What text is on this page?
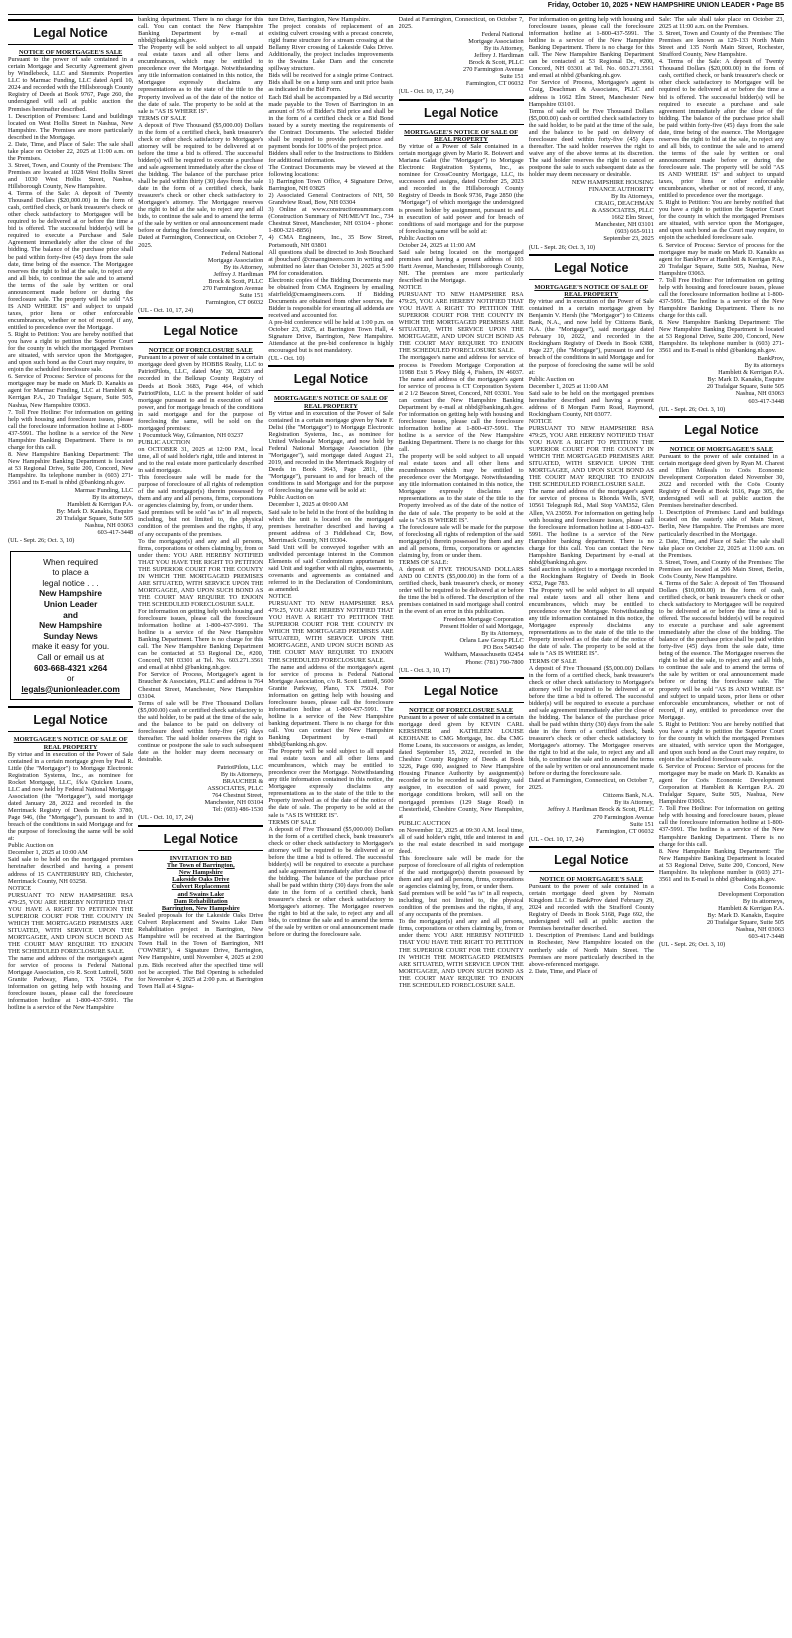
Friday, October 10, 2025 • NEW HAMPSHIRE UNION LEADER • Page B5
Legal Notice
NOTICE OF MORTGAGEE'S SALE
Pursuant to the power of sale contained in a certain Mortgage and Security Agreement given by Windlebeck, LLC and Stemmix Properties LLC to Marmac Funding, LLC dated April 10, 2024 and recorded with the Hillsborough County Registry of Deeds at Book 9767, Page 260, the undersigned will sell at public auction the Premises hereinafter described.
1. Description of Premises: Land and buildings located on West Hollis Street in Nashua, New Hampshire. The Premises are more particularly described in the Mortgage.
2. Date, Time, and Place of Sale: The sale shall take place on October 22, 2025 at 11:00 a.m. on the Premises.
3. Street, Town, and County of the Premises: The Premises are located at 1028 West Hollis Street and 1030 West Hollis Street, Nashua, Hillsborough County, New Hampshire.
4. Terms of the Sale: A deposit of Twenty Thousand Dollars ($20,000.00) in the form of cash, certified check, or bank treasurer's check or other check satisfactory to Mortgagee will be required to be delivered at or before the time a bid is offered. The successful bidder(s) will be required to execute a Purchase and Sale Agreement immediately after the close of the bidding. The balance of the purchase price shall be paid within forty-five (45) days from the sale date, time being of the essence. The Mortgagee reserves the right to bid at the sale, to reject any and all bids, to continue the sale and to amend the terms of the sale by written or oral announcement made before or during the foreclosure sale. The property will be sold "AS IS AND WHERE IS" and subject to unpaid taxes, prior liens or other enforceable encumbrances, whether or not of record, if any, entitled to precedence over the Mortgage.
5. Right to Petition: You are hereby notified that you have a right to petition the Superior Court for the county in which the mortgaged Premises are situated, with service upon the Mortgagee, and upon such bond as the Court may require, to enjoin the scheduled foreclosure sale.
6. Service of Process: Service of process for the mortgagee may be made on Mark D. Kanakis as agent for Marmac Funding, LLC at Hamblett & Kerrigan P.A., 20 Trafalgar Square, Suite 505, Nashua, New Hampshire 03063.
7. Toll Free Hotline: For information on getting help with housing and foreclosure issues, please call the foreclosure information hotline at 1-800-437-5991. The hotline is a service of the New Hampshire Banking Department. There is no charge for this call.
8. New Hampshire Banking Department: The New Hampshire Banking Department is located at 53 Regional Drive, Suite 200, Concord, New Hampshire. Its telephone number is (603) 271-3561 and its E-mail is nhbd @banking.nh.gov.
Marmac Funding, LLC
By its attorneys,
Hamblett & Kerrigan P.A.
By: Mark D. Kanakis, Esquire
20 Trafalgar Square, Suite 505
Nashua, NH 03063
603-417-3448
(UL - Sept. 26; Oct. 3, 10)
When required
to place a
legal notice . . .
New Hampshire
Union Leader
and
New Hampshire
Sunday News
make it easy for you.
Call or email us at
603-668-4321 x264
or
legals@unionleader.com
Legal Notice
MORTGAGEE'S NOTICE OF SALE OF REAL PROPERTY
By virtue and in execution of the Power of Sale contained in a certain mortgage given by Paul R. Little (the "Mortgagor") to Mortgage Electronic Registration Systems, Inc., as nominee for Rocket Mortgage, LLC, f/k/a Quicken Loans, LLC and now held by Federal National Mortgage Association (the "Mortgagee"), said mortgage dated January 28, 2022 and recorded in the Merrimack Registry of Deeds in Book 3780, Page 946, (the "Mortgage"), pursuant to and in breach of the conditions in said Mortgage and for the purpose of foreclosing the same will be sold at:
Public Auction on
December 1, 2025 at 10:00 AM
Said sale to be held on the mortgaged premises hereinafter described and having a present address of 15 CANTERBURY RD, Chichester, Merrimack County, NH 03258.
NOTICE
PURSUANT TO NEW HAMPSHIRE RSA 479:25, YOU ARE HEREBY NOTIFIED THAT YOU HAVE A RIGHT TO PETITION THE SUPERIOR COURT FOR THE COUNTY IN WHICH THE MORTGAGED PREMISES ARE SITUATED, WITH SERVICE UPON THE MORTGAGEE, AND UPON SUCH BOND AS THE COURT MAY REQUIRE TO ENJOIN THE SCHEDULED FORECLOSURE SALE.
The name and address of the mortgagee's agent for service of process is Federal National Mortgage Association, c/o R. Scott Luttrell, 5600 Granite Parkway, Plano, TX 75024. For information on getting help with housing and foreclosure issues, please call the foreclosure information hotline at 1-800-437-5991. The hotline is a service of the New Hampshire
banking department. There is no charge for this call. You can contact the New Hampshire Banking Department by e-mail at nhbd@banking.nh.gov.
The Property will be sold subject to all unpaid real estate taxes and all other liens and encumbrances, which may be entitled to precedence over the Mortgage. Notwithstanding any title information contained in this notice, the Mortgagee expressly disclaims any representations as to the state of the title to the Property involved as of the date of the notice of the date of sale. The property to be sold at the sale is "AS IS WHERE IS".
TERMS OF SALE
A deposit of Five Thousand ($5,000.00) Dollars in the form of a certified check, bank treasurer's check or other check satisfactory to Mortgagee's attorney will be required to be delivered at or before the time a bid is offered. The successful bidder(s) will be required to execute a purchase and sale agreement immediately after the close of the bidding. The balance of the purchase price shall be paid within thirty (30) days from the sale date in the form of a certified check, bank treasurer's check or other check satisfactory to Mortgagee's attorney. The Mortgagee reserves the right to bid at the sale, to reject any and all bids, to continue the sale and to amend the terms of the sale by written or oral announcement made before or during the foreclosure sale.
Dated at Farmington, Connecticut, on October 7, 2025.
Federal National
Mortgage Association
By its Attorney,
Jeffrey J. Hardiman
Brock & Scott, PLLC
270 Farmington Avenue
Suite 151
Farmington, CT 06032
(UL - Oct. 10, 17, 24)
Legal Notice
NOTICE OF FORECLOSURE SALE
Pursuant to a power of sale contained in a certain mortgage deed given by HOBBS Realty, LLC to PatriotPilots, LLC, dated May 30, 2023 and recorded in the Belknap County Registry of Deeds at Book 3683, Page 464, of which PatriotPilots, LLC is the present holder of said mortgage pursuant to and in execution of said power, and for mortgage breach of the conditions in said mortgage and for the purpose of foreclosing the same, will be sold on the mortgaged premises:
1 Pocumtuck Way, Gilmanton, NH 03237
PUBLIC AUCTION
on OCTOBER 31, 2025 at 12:00 P.M., local time, all of said holder's right, title and interest in and to the real estate more particularly described in said mortgage.
This foreclosure sale will be made for the purpose of foreclosure of all rights of redemption of the said mortgagor(s) therein possessed by them and any and all persons, firms, corporations or agencies claiming by, from, or under them.
Said premises will be sold "as is" in all respects, including, but not limited to, the physical condition of the premises and the rights, if any, of any occupants of the premises.
To the mortgagor(s) and any and all persons, firms, corporations or others claiming by, from or under them: YOU ARE HEREBY NOTIFIED THAT YOU HAVE THE RIGHT TO PETITION THE SUPERIOR COURT FOR THE COUNTY IN WHICH THE MORTGAGED PREMISES ARE SITUATED, WITH SERVICE UPON THE MORTGAGEE, AND UPON SUCH BOND AS THE COURT MAY REQUIRE TO ENJOIN THE SCHEDULED FORECLOSURE SALE.
For information on getting help with housing and foreclosure issues, please call the foreclosure information hotline at 1-800-437-5991. The hotline is a service of the New Hampshire Banking Department. There is no charge for this call. The New Hampshire Banking Department can be contacted at 53 Regional Dr., #200, Concord, NH 03301 at Tel. No. 603.271.3561 and email at nhbd @banking.nh.gov.
For Service of Process, Mortgagee's agent is Braucher & Associates, PLLC and address is 764 Chestnut Street, Manchester, New Hampshire 03104.
Terms of sale will be Five Thousand Dollars ($5,000.00) cash or certified check satisfactory to the said holder, to be paid at the time of the sale, and the balance to be paid on delivery of foreclosure deed within forty-five (45) days thereafter. The said holder reserves the right to continue or postpone the sale to such subsequent date as the holder may deem necessary or desirable.
PatriotPilots, LLC
By its Attorneys,
BRAUCHER &
ASSOCIATES, PLLC
764 Chestnut Street,
Manchester, NH 03104
Tel: (603) 486-1530
(UL - Oct. 10, 17, 24)
Legal Notice
INVITATION TO BID
The Town of Barrington,
New Hampshire
Lakeside Oaks Drive
Culvert Replacement
and Swains Lake
Dam Rehabilitation
Barrington, New Hampshire
Sealed proposals for the Lakeside Oaks Drive Culvert Replacement and Swains Lake Dam Rehabilitation project in Barrington, New Hampshire will be received at the Barrington Town Hall in the Town of Barrington, NH ("OWNER"), 4 Signature Drive, Barrington, New Hampshire, until November 4, 2025 at 2:00 p.m. Bids received after the specified time will not be accepted. The Bid Opening is scheduled for November 4, 2025 at 2:00 p.m. at Barrington Town Hall at 4 Signa-
ture Drive, Barrington, New Hampshire.
The project consists of replacement of an existing culvert crossing with a precast concrete, rigid frame structure for a stream crossing at the Bellamy River crossing of Lakeside Oaks Drive. Additionally, the project includes improvements to the Swains Lake Dam and the concrete spillway structure.
Bids will be received for a single prime Contract. Bids shall be on a lump sum and unit price basis as indicated in the Bid Form.
Each Bid shall be accompanied by a Bid security made payable to the Town of Barrington in an amount of 5% of Bidder's Bid price and shall be in the form of a certified check or a Bid Bond issued by a surety meeting the requirements of the Contract Documents. The selected Bidder shall be required to provide performance and payment bonds for 100% of the project price.
Bidders shall refer to the Instructions to Bidders for additional information.
The Contract Documents may be viewed at the following locations:
1) Barrington Town Office, 4 Signature Drive, Barrington, NH 03825
2) Associated General Contractors of NH, 50 Grandview Road, Bow, NH 03304
3) Online at www.constructionsummary.com (Construction Summary of NH/ME/VT Inc., 734 Chestnut Street, Manchester, NH 03104 - phone: 1-800-321-8856)
4) CMA Engineers, Inc., 35 Bow Street, Portsmouth, NH 03801
All questions shall be directed to Josh Bouchard at jbouchard @cmaengineers.com in writing and submitted no later than October 31, 2025 at 5:00 PM for consideration.
Electronic copies of the Bidding Documents may be obtained from CMA Engineers by emailing sfairfield@cmaengineers.com. If Bidding Documents are obtained from other sources, the Bidder is responsible for ensuring all addenda are received and accounted for.
A pre-bid conference will be held at 1:00 p.m. on October 23, 2025, at Barrington Town Hall, 4 Signature Drive, Barrington, New Hampshire. Attendance at the pre-bid conference is highly encouraged but is not mandatory.
(UL - Oct. 10)
Legal Notice
MORTGAGEE'S NOTICE OF SALE OF REAL PROPERTY
By virtue and in execution of the Power of Sale contained in a certain mortgage given by Nate F. Delisi (the "Mortgagor") to Mortgage Electronic Registration Systems, Inc., as nominee for United Wholesale Mortgage, and now held by Federal National Mortgage Association (the "Mortgagee"), said mortgage dated August 21, 2019, and recorded in the Merrimack Registry of Deeds in Book 3643, Page 2811, (the "Mortgage"), pursuant to and for breach of the conditions in said Mortgage and for the purpose of foreclosing the same will be sold at:
Public Auction on
December 1, 2025 at 09:00 AM
Said sale to be held in the front of the building in which the unit is located on the mortgaged premises hereinafter described and having a present address of 3 Fiddlehead Cir, Bow, Merrimack County, NH 03304.
Said Unit will be conveyed together with an undivided percentage interest in the Common Elements of said Condominium appurtenant to said Unit and together with all rights, easements, covenants and agreements as contained and referred to in the Declaration of Condominium, as amended.
NOTICE
PURSUANT TO NEW HAMPSHIRE RSA 479:25, YOU ARE HEREBY NOTIFIED THAT YOU HAVE A RIGHT TO PETITION THE SUPERIOR COURT FOR THE COUNTY IN WHICH THE MORTGAGED PREMISES ARE SITUATED, WITH SERVICE UPON THE MORTGAGEE, AND UPON SUCH BOND AS THE COURT MAY REQUIRE TO ENJOIN THE SCHEDULED FORECLOSURE SALE.
The name and address of the mortgagee's agent for service of process is Federal National Mortgage Association, c/o R. Scott Luttrell, 5600 Granite Parkway, Plano, TX 75024. For information on getting help with housing and foreclosure issues, please call the foreclosure information hotline at 1-800-437-5991. The hotline is a service of the New Hampshire banking department. There is no charge for this call. You can contact the New Hampshire Banking Department by e-mail at nhbd@banking.nh.gov.
The Property will be sold subject to all unpaid real estate taxes and all other liens and encumbrances, which may be entitled to precedence over the Mortgage. Notwithstanding any title information contained in this notice, the Mortgagee expressly disclaims any representations as to the state of the title to the Property involved as of the date of the notice of the date of sale. The property to be sold at the sale is "AS IS WHERE IS".
TERMS OF SALE
A deposit of Five Thousand ($5,000.00) Dollars in the form of a certified check, bank treasurer's check or other check satisfactory to Mortgagee's attorney will be required to be delivered at or before the time a bid is offered. The successful bidder(s) will be required to execute a purchase and sale agreement immediately after the close of the bidding. The balance of the purchase price shall be paid within thirty (30) days from the sale date in the form of a certified check, bank treasurer's check or other check satisfactory to Mortgagee's attorney. The Mortgagee reserves the right to bid at the sale, to reject any and all bids, to continue the sale and to amend the terms of the sale by written or oral announcement made before or during the foreclosure sale.
Dated at Farmington, Connecticut, on October 7, 2025.
Federal National
Mortgage Association
By its Attorney,
Jeffrey J. Hardiman
Brock & Scott, PLLC
270 Farmington Avenue
Suite 151
Farmington, CT 06032
(UL - Oct. 10, 17, 24)
Legal Notice
MORTGAGEE'S NOTICE OF SALE OF REAL PROPERTY
By virtue of a Power of Sale contained in a certain mortgage given by Mario R. Boisvert and Mariana Galat (the "Mortgagor") to Mortgage Electronic Registration Systems, Inc., as nominee for CrossCountry Mortgage, LLC, its successors and assigns, dated October 25, 2023 and recorded in the Hillsborough County Registry of Deeds in Book 9736, Page 2850 (the "Mortgage") of which mortgage the undersigned is present holder by assignment, pursuant to and in execution of said power and for breach of conditions of said mortgage and for the purpose of foreclosing same will be sold at:
Public Auction on
October 24, 2025 at 11:00 AM
Said sale being located on the mortgaged premises and having a present address of 103 Hartt Avenue, Manchester, Hillsborough County, NH. The premises are more particularly described in the Mortgage.
NOTICE
PURSUANT TO NEW HAMPSHIRE RSA 479:25, YOU ARE HEREBY NOTIFIED THAT YOU HAVE A RIGHT TO PETITION THE SUPERIOR COURT FOR THE COUNTY IN WHICH THE MORTGAGED PREMISES ARE SITUATED, WITH SERVICE UPON THE MORTGAGEE, AND UPON SUCH BOND AS THE COURT MAY REQUIRE TO ENJOIN THE SCHEDULED FORECLOSURE SALE.
The mortgagee's name and address for service of process is Freedom Mortgage Corporation at 11988 Exit 5 Pkwy Bldg 4, Fishers, IN 46037. The name and address of the mortgagee's agent for service of process is CT Corporation System at 2 1/2 Beacon Street, Concord, NH 03301. You can contact the New Hampshire Banking Department by e-mail at nhbd@banking.nh.gov. For information on getting help with housing and foreclosure issues, please call the foreclosure information hotline at 1-800-437-5991. The hotline is a service of the New Hampshire Banking Department. There is no charge for this call.
The property will be sold subject to all unpaid real estate taxes and all other liens and encumbrances which may be entitled to precedence over the Mortgage. Notwithstanding any title information contained in this notice, the Mortgagee expressly disclaims any representations as to the state of the title to the Property involved as of the date of the notice of the date of sale. The property to be sold at the sale is "AS IS WHERE IS".
The foreclosure sale will be made for the purpose of foreclosing all rights of redemption of the said mortgagor(s) therein possessed by them and any and all persons, firms, corporations or agencies claiming by, from or under them.
TERMS OF SALE:
A deposit of FIVE THOUSAND DOLLARS AND 00 CENTS ($5,000.00) in the form of a certified check, bank treasurer's check, or money order will be required to be delivered at or before the time the bid is offered. The description of the premises contained in said mortgage shall control in the event of an error in this publication.
Freedom Mortgage Corporation
Present Holder of said Mortgage,
By its Attorneys,
Orlans Law Group PLLC
PO Box 540540
Waltham, Massachusetts 02454
Phone: (781) 790-7800
(UL - Oct. 3, 10, 17)
Legal Notice
NOTICE OF FORECLOSURE SALE
Pursuant to a power of sale contained in a certain mortgage deed given by KEVIN CARL KERSHNER and KATHLEEN LOUISE KEOHANE to CMG Mortgage, Inc. dba CMG Home Loans, its successors or assigns, as lender, dated September 15, 2022, recorded in the Cheshire County Registry of Deeds at Book 3226, Page 690, assigned to New Hampshire Housing Finance Authority by assignment(s) recorded or to be recorded in said Registry, said assignee, in execution of said power, for mortgage conditions broken, will sell on the mortgaged premises (129 Stage Road) in Chesterfield, Cheshire County, New Hampshire, at
PUBLIC AUCTION
on November 12, 2025 at 09:30 A.M. local time, all of said holder's right, title and interest in and to the real estate described in said mortgage deed.
This foreclosure sale will be made for the purpose of foreclosure of all rights of redemption of the said mortgagor(s) therein possessed by them and any and all persons, firms, corporations or agencies claiming by, from, or under them.
Said premises will be sold "as is" in all respects, including, but not limited to, the physical condition of the premises and the rights, if any, of any occupants of the premises.
To the mortgagor(s) and any and all persons, firms, corporations or others claiming by, from or under them: YOU ARE HEREBY NOTIFIED THAT YOU HAVE THE RIGHT TO PETITION THE SUPERIOR COURT FOR THE COUNTY IN WHICH THE MORTGAGED PREMISES ARE SITUATED, WITH SERVICE UPON THE MORTGAGEE, AND UPON SUCH BOND AS THE COURT MAY REQUIRE TO ENJOIN THE SCHEDULED FORECLOSURE SALE.
For information on getting help with housing and foreclosure issues, please call the foreclosure information hotline at 1-800-437-5991. The hotline is a service of the New Hampshire Banking Department. There is no charge for this call. The New Hampshire Banking Department can be contacted at 53 Regional Dr., #200, Concord, NH 03301 at Tel. No. 603.271.3561 and email at nhbd @banking.nh.gov.
For Service of Process, Mortgagee's agent is Craig, Deachman & Associates, PLLC and address is 1662 Elm Street, Manchester New Hampshire 03101.
Terms of sale will be Five Thousand Dollars ($5,000.00) cash or certified check satisfactory to the said holder, to be paid at the time of the sale, and the balance to be paid on delivery of foreclosure deed within forty-five (45) days thereafter. The said holder reserves the right to waive any of the above terms at its discretion. The said holder reserves the right to cancel or postpone the sale to such subsequent date as the holder may deem necessary or desirable.
NEW HAMPSHIRE HOUSING
FINANCE AUTHORITY
By Its Attorneys,
CRAIG, DEACHMAN
& ASSOCIATES, PLLC
1662 Elm Street,
Manchester, NH 03101
(603) 665-9111
September 23, 2025
(UL - Sept. 26; Oct. 3, 10)
Legal Notice
MORTGAGEE'S NOTICE OF SALE OF REAL PROPERTY
By virtue and in execution of the Power of Sale contained in a certain mortgage given by Benjamin V. Hersh (the "Mortgagor") to Citizens Bank, N.A., and now held by Citizens Bank, N.A. (the "Mortgagee"), said mortgage dated February 10, 2022, and recorded in the Rockingham Registry of Deeds in Book 6388, Page 227, (the "Mortgage"), pursuant to and for breach of the conditions in said Mortgage and for the purpose of foreclosing the same will be sold at:
Public Auction on
December 1, 2025 at 11:00 AM
Said sale to be held on the mortgaged premises hereinafter described and having a present address of 8 Morgan Farm Road, Raymond, Rockingham County, NH 03077.
NOTICE
PURSUANT TO NEW HAMPSHIRE RSA 479:25, YOU ARE HEREBY NOTIFIED THAT YOU HAVE A RIGHT TO PETITION THE SUPERIOR COURT FOR THE COUNTY IN WHICH THE MORTGAGED PREMISES ARE SITUATED, WITH SERVICE UPON THE MORTGAGEE, AND UPON SUCH BOND AS THE COURT MAY REQUIRE TO ENJOIN THE SCHEDULED FORECLOSURE SALE.
The name and address of the mortgagee's agent for service of process is Rhonda Wells, SVP, 10561 Telegraph Rd., Mail Stop VAM352, Glen Allen, VA 23059. For information on getting help with housing and foreclosure issues, please call the foreclosure information hotline at 1-800-437-5991. The hotline is a service of the New Hampshire banking department. There is no charge for this call. You can contact the New Hampshire Banking Department by e-mail at nhbd@banking.nh.gov.
Said auction is subject to a mortgage recorded in the Rockingham Registry of Deeds in Book 4352, Page 783.
The Property will be sold subject to all unpaid real estate taxes and all other liens and encumbrances, which may be entitled to precedence over the Mortgage. Notwithstanding any title information contained in this notice, the Mortgagee expressly disclaims any representations as to the state of the title to the Property involved as of the date of the notice of the date of sale. The property to be sold at the sale is "AS IS WHERE IS".
TERMS OF SALE
A deposit of Five Thousand ($5,000.00) Dollars in the form of a certified check, bank treasurer's check or other check satisfactory to Mortgagee's attorney will be required to be delivered at or before the time a bid is offered. The successful bidder(s) will be required to execute a purchase and sale agreement immediately after the close of the bidding. The balance of the purchase price shall be paid within thirty (30) days from the sale date in the form of a certified check, bank treasurer's check or other check satisfactory to Mortgagee's attorney. The Mortgagee reserves the right to bid at the sale, to reject any and all bids, to continue the sale and to amend the terms of the sale by written or oral announcement made before or during the foreclosure sale.
Dated at Farmington, Connecticut, on October 7, 2025.
Citizens Bank, N.A.
By its Attorney,
Jeffrey J. Hardiman Brock & Scott, PLLC
270 Farmington Avenue
Suite 151
Farmington, CT 06032
(UL - Oct. 10, 17, 24)
Legal Notice
NOTICE OF MORTGAGEE'S SALE
Pursuant to the power of sale contained in a certain mortgage deed given by Nomain Kingdom LLC to BankProv dated February 29, 2024 and recorded with the Strafford County Registry of Deeds in Book 5168, Page 692, the undersigned will sell at public auction the Premises hereinafter described.
1. Description of Premises: Land and buildings in Rochester, New Hampshire located on the northerly side of North Main Street. The Premises are more particularly described in the above-referenced mortgage.
2. Date, Time, and Place of
Sale: The sale shall take place on October 23, 2025 at 11:00 a.m. on the Premises.
3. Street, Town and County of the Premises: The Premises are known as 129-133 North Main Street and 135 North Main Street, Rochester, Strafford County, New Hampshire.
4. Terms of the Sale: A deposit of Twenty Thousand Dollars ($20,000.00) in the form of cash, certified check, or bank treasurer's check or other check satisfactory to Mortgagee will be required to be delivered at or before the time a bid is offered. The successful bidder(s) will be required to execute a purchase and sale agreement immediately after the close of the bidding. The balance of the purchase price shall be paid within forty-five (45) days from the sale date, time being of the essence. The Mortgagee reserves the right to bid at the sale, to reject any and all bids, to continue the sale and to amend the terms of the sale by written or oral announcement made before or during the foreclosure sale. The property will be sold "AS IS AND WHERE IS" and subject to unpaid taxes, prior liens or other enforceable encumbrances, whether or not of record, if any, entitled to precedence over the mortgage.
5. Right to Petition: You are hereby notified that you have a right to petition the Superior Court for the county in which the mortgaged Premises are situated, with service upon the Mortgagee, and upon such bond as the Court may require, to enjoin the scheduled foreclosure sale.
6. Service of Process: Service of process for the mortgagee may be made on Mark D. Kanakis as agent for BankProv at Hamblett & Kerrigan P.A., 20 Trafalgar Square, Suite 505, Nashua, New Hampshire 03063.
7. Toll Free Hotline: For information on getting help with housing and foreclosure issues, please call the foreclosure information hotline at 1-800-437-5991. The hotline is a service of the New Hampshire Banking Department. There is no charge for this call.
8. New Hampshire Banking Department: The New Hampshire Banking Department is located at 53 Regional Drive, Suite 200, Concord, New Hampshire. Its telephone number is (603) 271-3561 and its E-mail is nhbd @banking.nh.gov.
BankProv,
By its attorneys
Hamblett & Kerrigan P.A.
By: Mark D. Kanakis, Esquire
20 Trafalgar Square, Suite 505
Nashua, NH 03063
603-417-3448
(UL - Sept. 26; Oct. 3, 10)
Legal Notice
NOTICE OF MORTGAGEE'S SALE
Pursuant to the power of sale contained in a certain mortgage deed given by Ryan M. Charest and Ellen Mikeals to Coös Economic Development Corporation dated November 30, 2022 and recorded with the Coös County Registry of Deeds at Book 1616, Page 305, the undersigned will sell at public auction the Premises hereinafter described.
1. Description of Premises: Land and buildings located on the easterly side of Main Street, Berlin, New Hampshire. The Premises are more particularly described in the Mortgage.
2. Date, Time, and Place of Sale: The sale shall take place on October 22, 2025 at 11:00 a.m. on the Premises.
3. Street, Town, and County of the Premises: The Premises are located at 206 Main Street, Berlin, Coös County, New Hampshire.
4. Terms of the Sale: A deposit of Ten Thousand Dollars ($10,000.00) in the form of cash, certified check, or bank treasurer's check or other check satisfactory to Mortgagee will be required to be delivered at or before the time a bid is offered. The successful bidder(s) will be required to execute a purchase and sale agreement immediately after the close of the bidding. The balance of the purchase price shall be paid within forty-five (45) days from the sale date, time being of the essence. The Mortgagee reserves the right to bid at the sale, to reject any and all bids, to continue the sale and to amend the terms of the sale by written or oral announcement made before or during the foreclosure sale. The property will be sold "AS IS AND WHERE IS" and subject to unpaid taxes, prior liens or other enforceable encumbrances, whether or not of record, if any, entitled to precedence over the Mortgage.
5. Right to Petition: You are hereby notified that you have a right to petition the Superior Court for the county in which the mortgaged Premises are situated, with service upon the Mortgagee, and upon such bond as the Court may require, to enjoin the scheduled foreclosure sale.
6. Service of Process: Service of process for the mortgagee may be made on Mark D. Kanakis as agent for Coös Economic Development Corporation at Hamblett & Kerrigan P.A. 20 Trafalgar Square, Suite 505, Nashua, New Hampshire 03063.
7. Toll Free Hotline: For information on getting help with housing and foreclosure issues, please call the foreclosure information hotline at 1-800-437-5991. The hotline is a service of the New Hampshire Banking Department. There is no charge for this call.
8. New Hampshire Banking Department: The New Hampshire Banking Department is located at 53 Regional Drive, Suite 200, Concord, New Hampshire. Its telephone number is (603) 271-3561 and its E-mail is nhbd @banking.nh.gov.
Coös Economic
Development Corporation
By its attorneys,
Hamblett & Kerrigan P.A.
By: Mark D. Kanakis, Esquire
20 Trafalgar Square, Suite 505
Nashua, NH 03063
603-417-3448
(UL - Sept. 26; Oct. 3, 10)
